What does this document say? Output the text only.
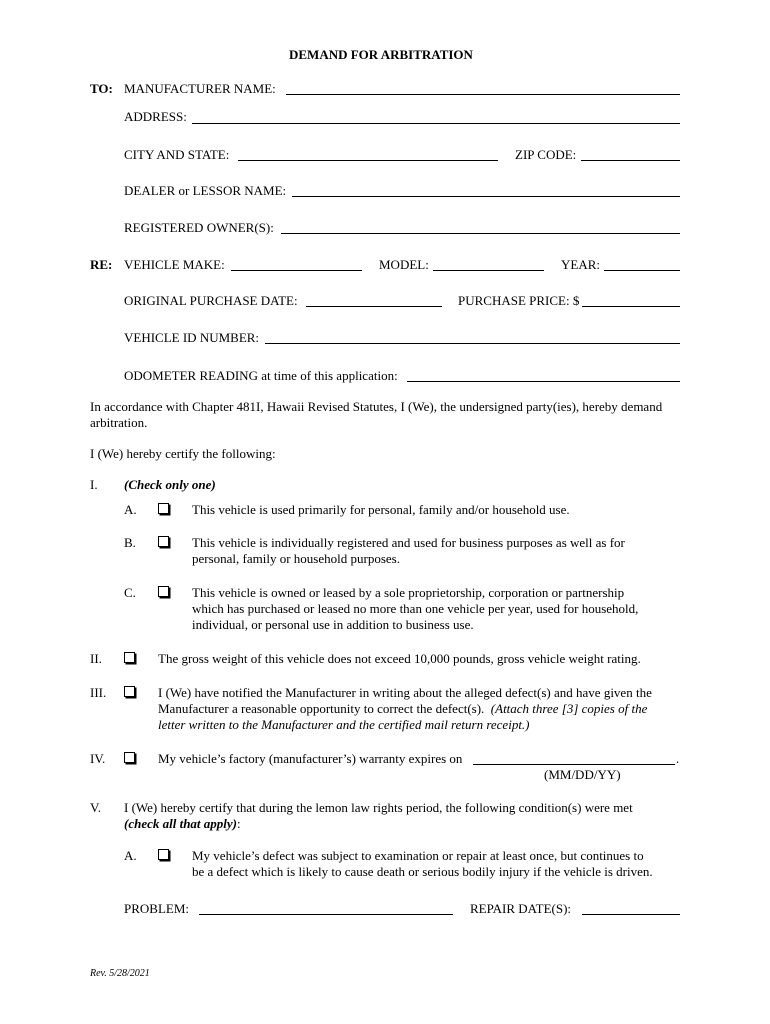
DEMAND FOR ARBITRATION
TO: MANUFACTURER NAME:
ADDRESS:
CITY AND STATE:	ZIP CODE:
DEALER or LESSOR NAME:
REGISTERED OWNER(S):
RE: VEHICLE MAKE:	MODEL:	YEAR:
ORIGINAL PURCHASE DATE:	PURCHASE PRICE: $
VEHICLE ID NUMBER:
ODOMETER READING at time of this application:
In accordance with Chapter 481I, Hawaii Revised Statutes, I (We), the undersigned party(ies), hereby demand
arbitration.
I (We) hereby certify the following:
I. (Check only one)
A.	This vehicle is used primarily for personal, family and/or household use.
B.	This vehicle is individually registered and used for business purposes as well as for
personal, family or household purposes.
C.	This vehicle is owned or leased by a sole proprietorship, corporation or partnership
which has purchased or leased no more than one vehicle per year, used for household,
individual, or personal use in addition to business use.
II.	The gross weight of this vehicle does not exceed 10,000 pounds, gross vehicle weight rating.
III.	I (We) have notified the Manufacturer in writing about the alleged defect(s) and have given the
Manufacturer a reasonable opportunity to correct the defect(s). (Attach three [3] copies of the
letter written to the Manufacturer and the certified mail return receipt.)
IV.	My vehicle’s factory (manufacturer’s) warranty expires on	.
(MM/DD/YY)
V. I (We) hereby certify that during the lemon law rights period, the following condition(s) were met
(check all that apply):
A.	My vehicle’s defect was subject to examination or repair at least once, but continues to
be a defect which is likely to cause death or serious bodily injury if the vehicle is driven.
PROBLEM:	REPAIR DATE(S):
Rev. 5/28/2021
